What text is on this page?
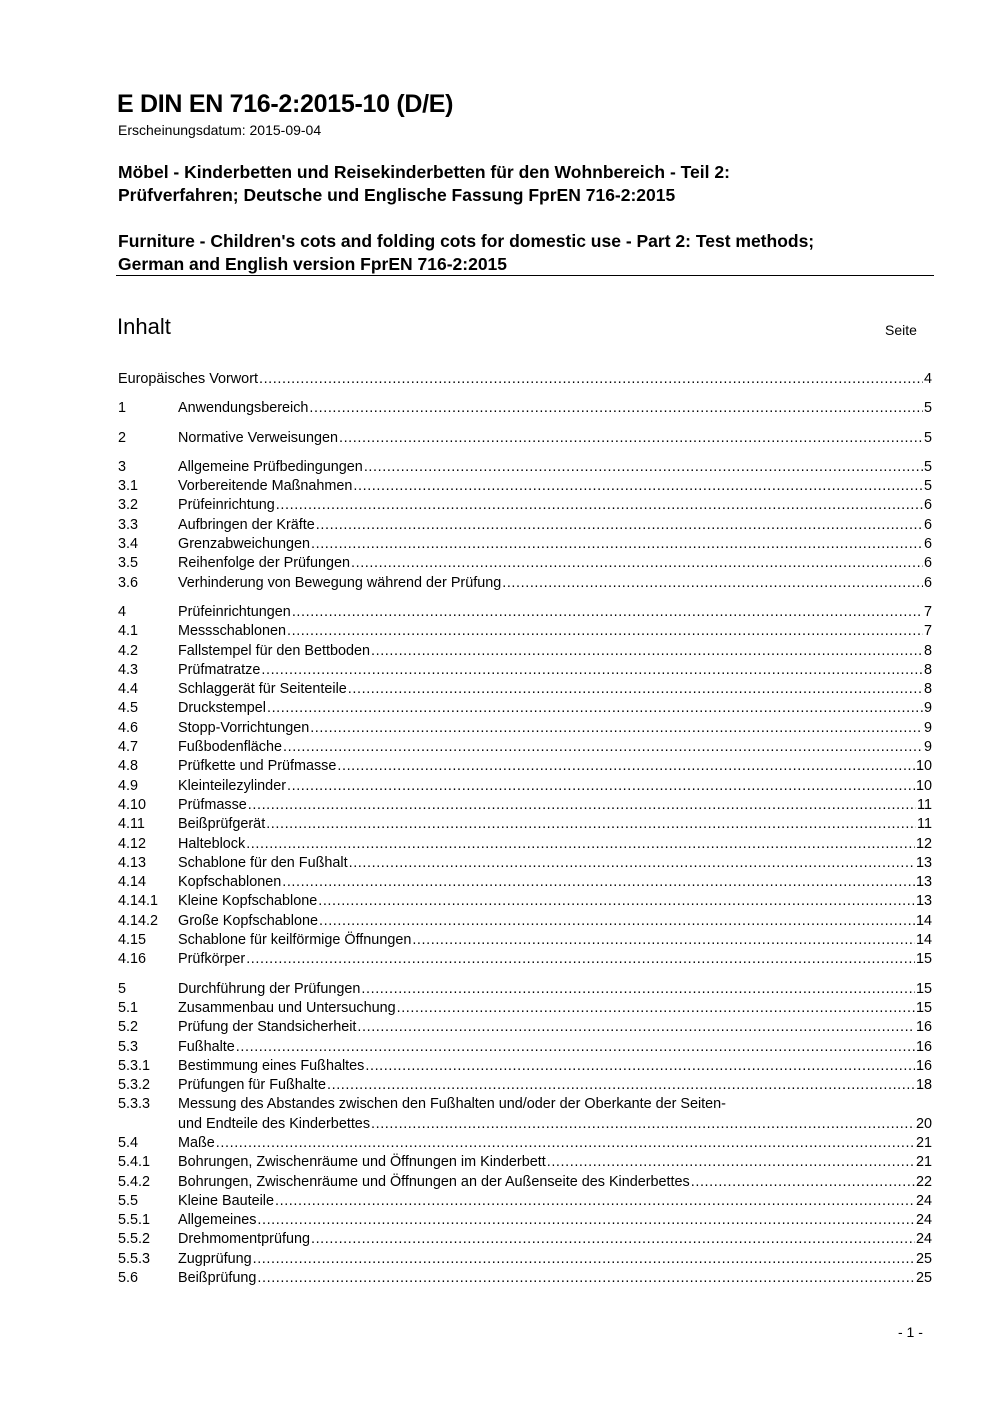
E DIN EN 716-2:2015-10 (D/E)
Erscheinungsdatum: 2015-09-04
Möbel - Kinderbetten und Reisekinderbetten für den Wohnbereich - Teil 2:
Prüfverfahren; Deutsche und Englische Fassung FprEN 716-2:2015
Furniture - Children's cots and folding cots for domestic use - Part 2: Test methods;
German and English version FprEN 716-2:2015
Inhalt	Seite
Europäisches Vorwort .....	4
1	Anwendungsbereich .....	5
2	Normative Verweisungen .....	5
3	Allgemeine Prüfbedingungen .....	5
3.1	Vorbereitende Maßnahmen .....	5
3.2	Prüfeinrichtung .....	6
3.3	Aufbringen der Kräfte .....	6
3.4	Grenzabweichungen .....	6
3.5	Reihenfolge der Prüfungen .....	6
3.6	Verhinderung von Bewegung während der Prüfung .....	6
4	Prüfeinrichtungen .....	7
4.1	Messschablonen .....	7
4.2	Fallstempel für den Bettboden .....	8
4.3	Prüfmatratze .....	8
4.4	Schlaggerät für Seitenteile .....	8
4.5	Druckstempel .....	9
4.6	Stopp-Vorrichtungen .....	9
4.7	Fußbodenfläche .....	9
4.8	Prüfkette und Prüfmasse .....	10
4.9	Kleinteilezylinder .....	10
4.10	Prüfmasse .....	11
4.11	Beißprüfgerät .....	11
4.12	Halteblock .....	12
4.13	Schablone für den Fußhalt .....	13
4.14	Kopfschablonen .....	13
4.14.1	Kleine Kopfschablone .....	13
4.14.2	Große Kopfschablone .....	14
4.15	Schablone für keilförmige Öffnungen .....	14
4.16	Prüfkörper .....	15
5	Durchführung der Prüfungen .....	15
5.1	Zusammenbau und Untersuchung .....	15
5.2	Prüfung der Standsicherheit .....	16
5.3	Fußhalte .....	16
5.3.1	Bestimmung eines Fußhaltes .....	16
5.3.2	Prüfungen für Fußhalte .....	18
5.3.3	Messung des Abstandes zwischen den Fußhalten und/oder der Oberkante der Seiten-
und Endteile des Kinderbettes .....	20
5.4	Maße .....	21
5.4.1	Bohrungen, Zwischenräume und Öffnungen im Kinderbett .....	21
5.4.2	Bohrungen, Zwischenräume und Öffnungen an der Außenseite des Kinderbettes .....	22
5.5	Kleine Bauteile .....	24
5.5.1	Allgemeines .....	24
5.5.2	Drehmomentprüfung .....	24
5.5.3	Zugprüfung .....	25
5.6	Beißprüfung .....	25
- 1 -
